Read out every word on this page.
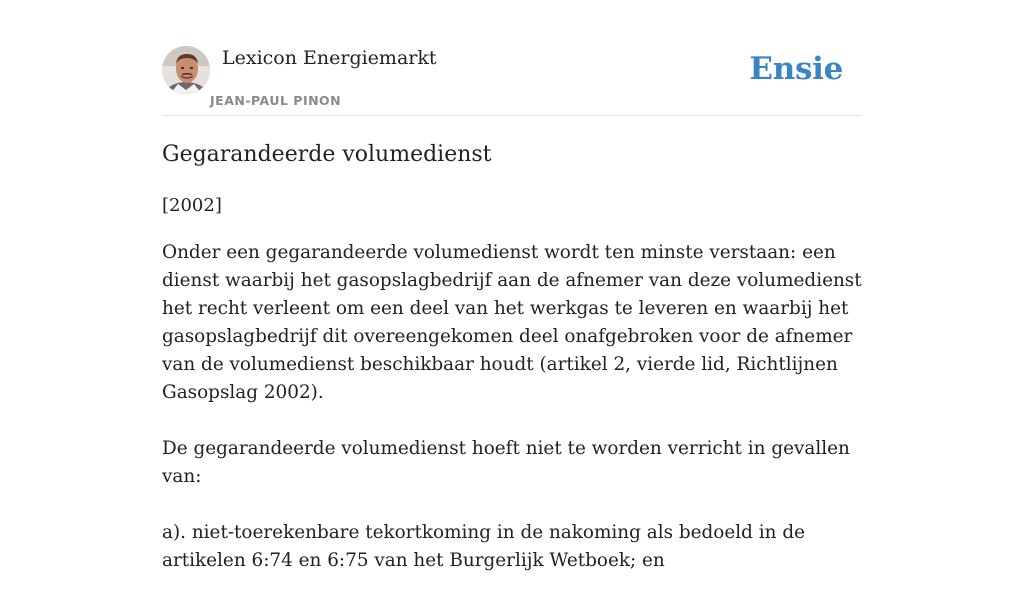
Lexicon Energiemarkt
JEAN-PAUL PINON
Ensie
Gegarandeerde volumedienst
[2002]

Onder een gegarandeerde volumedienst wordt ten minste verstaan: een dienst waarbij het gasopslagbedrijf aan de afnemer van deze volumedienst het recht verleent om een deel van het werkgas te leveren en waarbij het gasopslagbedrijf dit overeengekomen deel onafgebroken voor de afnemer van de volumedienst beschikbaar houdt (artikel 2, vierde lid, Richtlijnen Gasopslag 2002).

De gegarandeerde volumedienst hoeft niet te worden verricht in gevallen van:

a). niet-toerekenbare tekortkoming in de nakoming als bedoeld in de artikelen 6:74 en 6:75 van het Burgerlijk Wetboek; en
